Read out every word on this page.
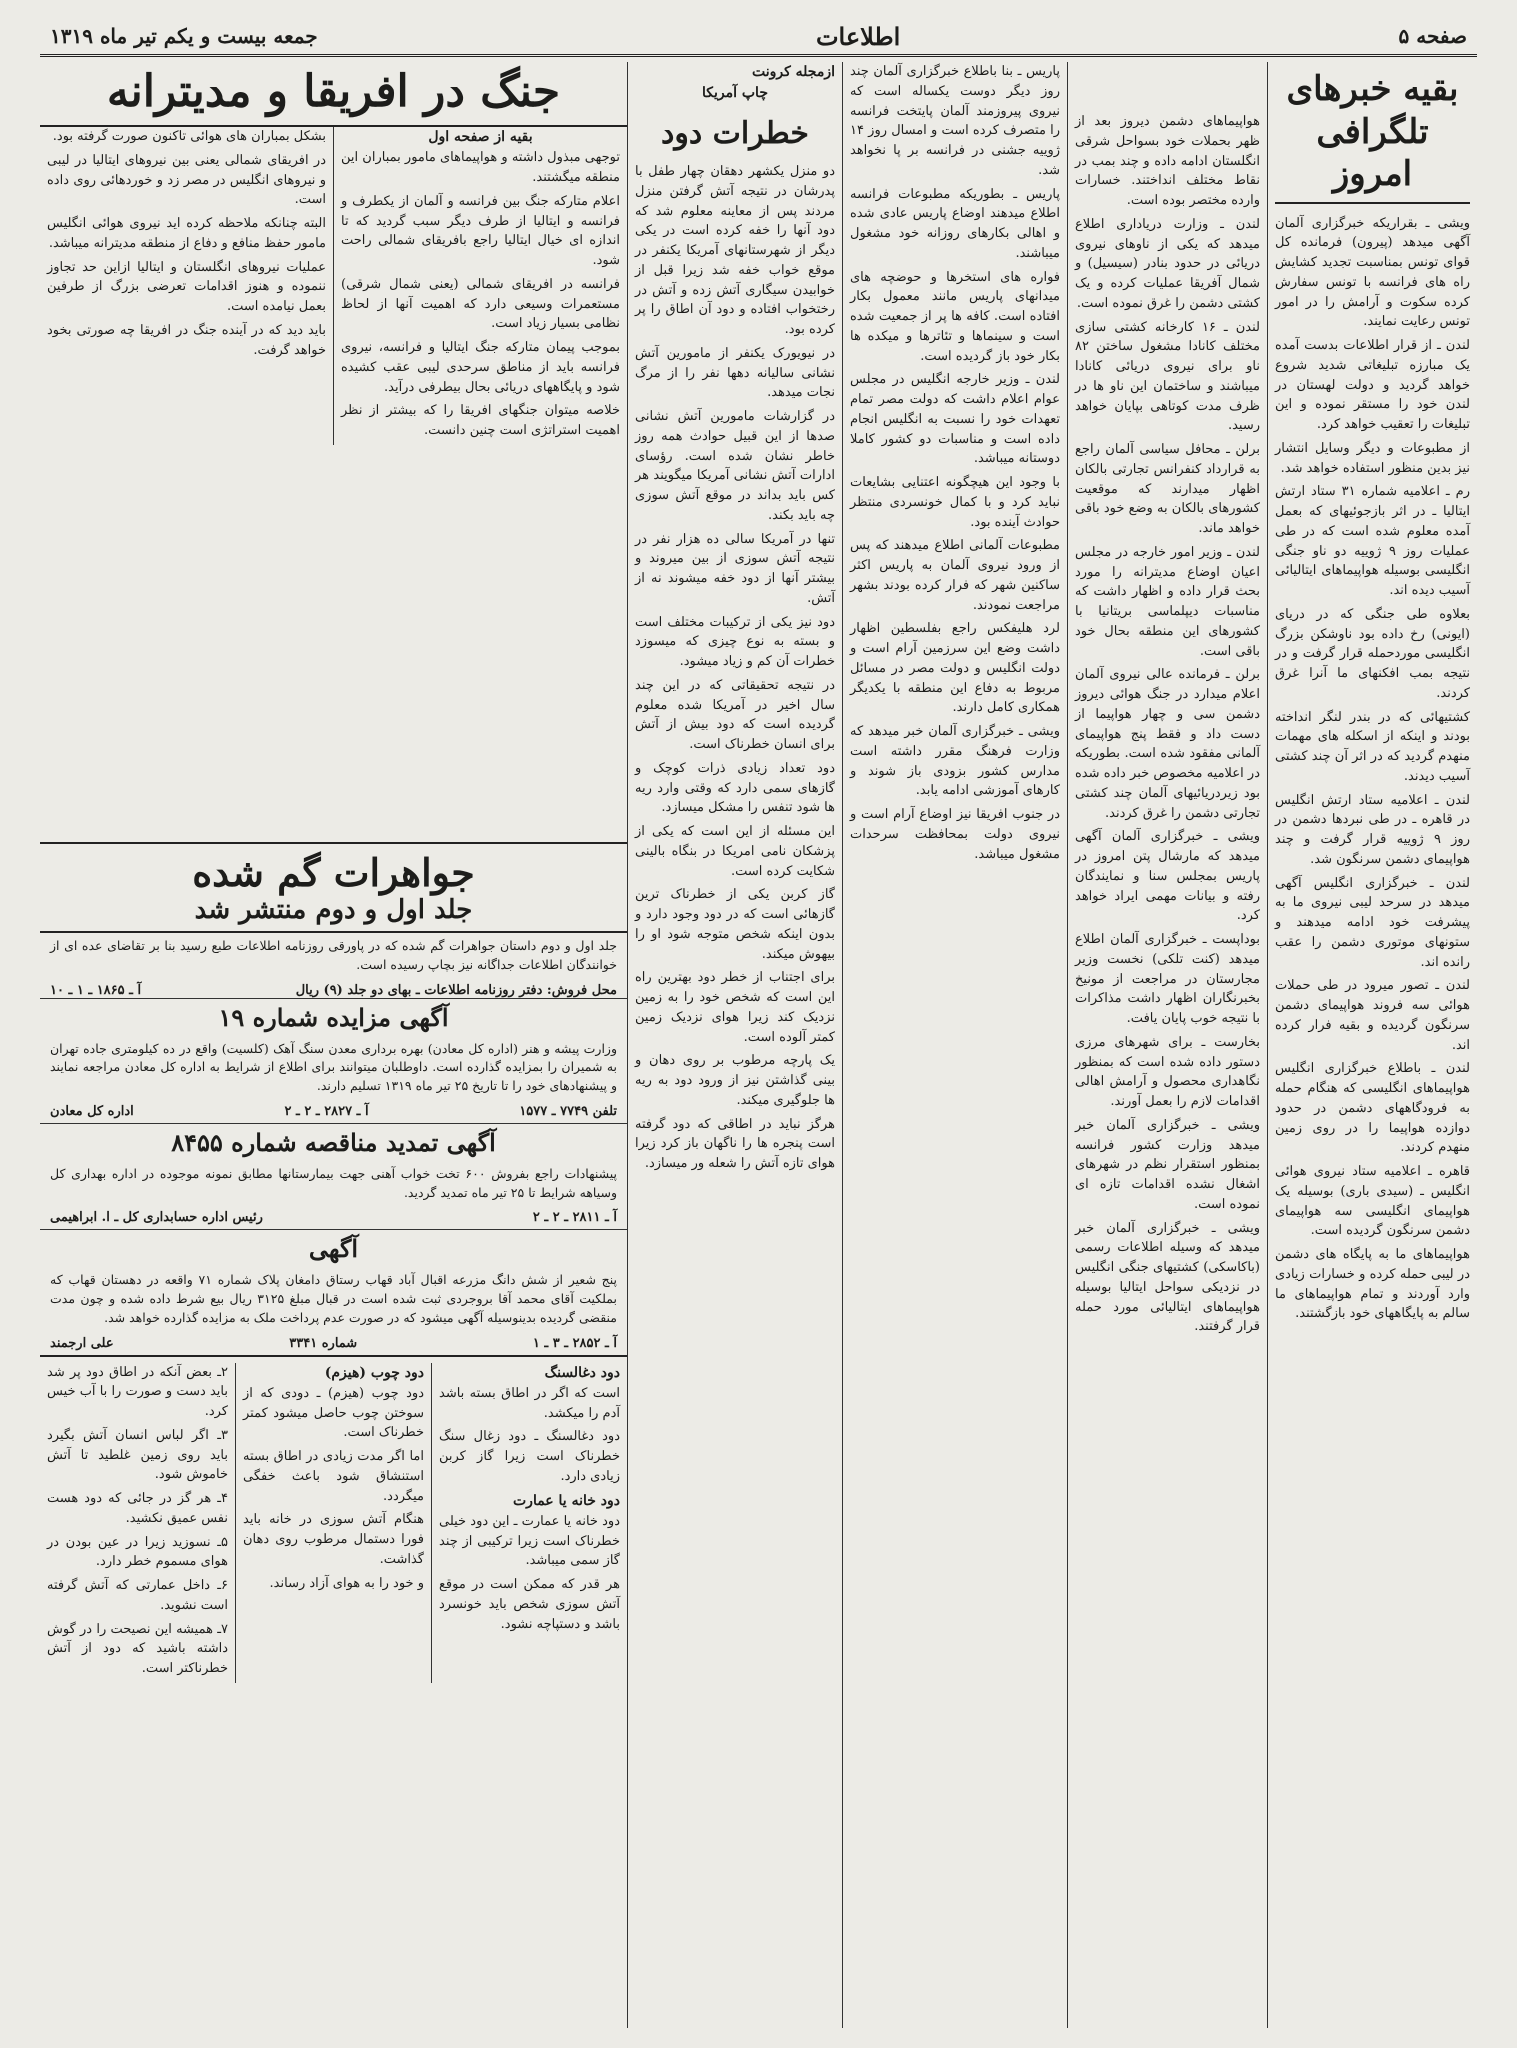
صفحه ۵
اطلاعات
جمعه بیست و یکم تیر ماه ۱۳۱۹
بقیه خبرهای تلگرافی امروز

ویشی ـ بقراریکه خبرگزاری آلمان آگهی میدهد (پیرون) فرمانده کل قوای تونس بمناسبت تجدید کشایش راه های فرانسه با تونس سفارش کرده سکوت و آرامش را در امور تونس رعایت نمایند.

لندن ـ از قرار اطلاعات بدست آمده یک مبارزه تبلیغاتی شدید شروع خواهد گردید و دولت لهستان در لندن خود را مستقر نموده و این تبلیغات را تعقیب خواهد کرد.

از مطبوعات و دیگر وسایل انتشار نیز بدین منظور استفاده خواهد شد.

رم ـ اعلامیه شماره ۳۱ ستاد ارتش ایتالیا ـ در اثر بازجوئیهای که بعمل آمده معلوم شده است که در طی عملیات روز ۹ ژوییه دو ناو جنگی انگلیسی بوسیله هواپیماهای ایتالیائی آسیب دیده اند.

بعلاوه طی جنگی که در دریای (ایونی) رخ داده بود ناوشکن بزرگ انگلیسی موردحمله قرار گرفت و در نتیجه بمب افکنهای ما آنرا غرق کردند.

کشتیهائی که در بندر لنگر انداخته بودند و اینکه از اسکله های مهمات منهدم گردید که در اثر آن چند کشتی آسیب دیدند.

لندن ـ اعلامیه ستاد ارتش انگلیس در قاهره ـ در طی نبردها دشمن در روز ۹ ژوییه قرار گرفت و چند هواپیمای دشمن سرنگون شد.

لندن ـ خبرگزاری انگلیس آگهی میدهد در سرحد لیبی نیروی ما به پیشرفت خود ادامه میدهند و ستونهای موتوری دشمن را عقب رانده اند.

لندن ـ تصور میرود در طی حملات هوائی سه فروند هواپیمای دشمن سرنگون گردیده و بقیه فرار کرده اند.

لندن ـ باطلاع خبرگزاری انگلیس هواپیماهای انگلیسی که هنگام حمله به فرودگاههای دشمن در حدود دوازده هواپیما را در روی زمین منهدم کردند.

قاهره ـ اعلامیه ستاد نیروی هوائی انگلیس ـ (سیدی باری) بوسیله یک هواپیمای انگلیسی سه هواپیمای دشمن سرنگون گردیده است.

هواپیماهای ما به پایگاه های دشمن در لیبی حمله کرده و خسارات زیادی وارد آوردند و تمام هواپیماهای ما سالم به پایگاههای خود بازگشتند.

هواپیماهای دشمن دیروز بعد از ظهر بحملات خود بسواحل شرقی انگلستان ادامه داده و چند بمب در نقاط مختلف انداختند. خسارات وارده مختصر بوده است.

لندن ـ وزارت دریاداری اطلاع میدهد که یکی از ناوهای نیروی دریائی در حدود بنادر (سیسیل) و شمال آفریقا عملیات کرده و یک کشتی دشمن را غرق نموده است.

لندن ـ ۱۶ کارخانه کشتی سازی مختلف کانادا مشغول ساختن ۸۲ ناو برای نیروی دریائی کانادا میباشند و ساختمان این ناو ها در ظرف مدت کوتاهی بپایان خواهد رسید.

برلن ـ محافل سیاسی آلمان راجع به قرارداد کنفرانس تجارتی بالکان اظهار میدارند که موقعیت کشورهای بالکان به وضع خود باقی خواهد ماند.

لندن ـ وزیر امور خارجه در مجلس اعیان اوضاع مدیترانه را مورد بحث قرار داده و اظهار داشت که مناسبات دیپلماسی بریتانیا با کشورهای این منطقه بحال خود باقی است.

برلن ـ فرمانده عالی نیروی آلمان اعلام میدارد در جنگ هوائی دیروز دشمن سی و چهار هواپیما از دست داد و فقط پنج هواپیمای آلمانی مفقود شده است. بطوریکه در اعلامیه مخصوص خبر داده شده بود زیردریائیهای آلمان چند کشتی تجارتی دشمن را غرق کردند.

ویشی ـ خبرگزاری آلمان آگهی میدهد که مارشال پتن امروز در پاریس بمجلس سنا و نمایندگان رفته و بیانات مهمی ایراد خواهد کرد.

بوداپست ـ خبرگزاری آلمان اطلاع میدهد (کنت تلکی) نخست وزیر مجارستان در مراجعت از مونیخ بخبرنگاران اظهار داشت مذاکرات با نتیجه خوب پایان یافت.

بخارست ـ برای شهرهای مرزی دستور داده شده است که بمنظور نگاهداری محصول و آرامش اهالی اقدامات لازم را بعمل آورند.

ویشی ـ خبرگزاری آلمان خبر میدهد وزارت کشور فرانسه بمنظور استقرار نظم در شهرهای اشغال نشده اقدامات تازه ای نموده است.

ویشی ـ خبرگزاری آلمان خبر میدهد که وسیله اطلاعات رسمی (باکاسکی) کشتیهای جنگی انگلیس در نزدیکی سواحل ایتالیا بوسیله هواپیماهای ایتالیائی مورد حمله قرار گرفتند.

پاریس ـ بنا باطلاع خبرگزاری آلمان چند روز دیگر دوست یکساله است که نیروی پیروزمند آلمان پایتخت فرانسه را متصرف کرده است و امسال روز ۱۴ ژوییه جشنی در فرانسه بر پا نخواهد شد.

پاریس ـ بطوریکه مطبوعات فرانسه اطلاع میدهند اوضاع پاریس عادی شده و اهالی بکارهای روزانه خود مشغول میباشند.

فواره های استخرها و حوضچه های میدانهای پاریس مانند معمول بکار افتاده است. کافه ها پر از جمعیت شده است و سینماها و تئاترها و میکده ها بکار خود باز گردیده است.

لندن ـ وزیر خارجه انگلیس در مجلس عوام اعلام داشت که دولت مصر تمام تعهدات خود را نسبت به انگلیس انجام داده است و مناسبات دو کشور کاملا دوستانه میباشد.

با وجود این هیچگونه اعتنایی بشایعات نباید کرد و با کمال خونسردی منتظر حوادث آینده بود.

مطبوعات آلمانی اطلاع میدهند که پس از ورود نیروی آلمان به پاریس اکثر ساکنین شهر که فرار کرده بودند بشهر مراجعت نمودند.

لرد هلیفکس راجع بفلسطین اظهار داشت وضع این سرزمین آرام است و دولت انگلیس و دولت مصر در مسائل مربوط به دفاع این منطقه با یکدیگر همکاری کامل دارند.

ویشی ـ خبرگزاری آلمان خبر میدهد که وزارت فرهنگ مقرر داشته است مدارس کشور بزودی باز شوند و کارهای آموزشی ادامه یابد.

در جنوب افریقا نیز اوضاع آرام است و نیروی دولت بمحافظت سرحدات مشغول میباشد.

ازمجله کرونت
چاپ آمریکا
خطرات دود

دو منزل یکشهر دهقان چهار طفل با پدرشان در نتیجه آتش گرفتن منزل مردند پس از معاینه معلوم شد که دود آنها را خفه کرده است در یکی دیگر از شهرستانهای آمریکا یکنفر در موقع خواب خفه شد زیرا قبل از خوابیدن سیگاری آتش زده و آتش در رختخواب افتاده و دود آن اطاق را پر کرده بود.

در نیویورک یکنفر از مامورین آتش نشانی سالیانه دهها نفر را از مرگ نجات میدهد.

در گزارشات مامورین آتش نشانی صدها از این قبیل حوادث همه روز خاطر نشان شده است. رؤسای ادارات آتش نشانی آمریکا میگویند هر کس باید بداند در موقع آتش سوزی چه باید بکند.

تنها در آمریکا سالی ده هزار نفر در نتیجه آتش سوزی از بین میروند و بیشتر آنها از دود خفه میشوند نه از آتش.

دود نیز یکی از ترکیبات مختلف است و بسته به نوع چیزی که میسوزد خطرات آن کم و زیاد میشود.

در نتیجه تحقیقاتی که در این چند سال اخیر در آمریکا شده معلوم گردیده است که دود بیش از آتش برای انسان خطرناک است.

دود تعداد زیادی ذرات کوچک و گازهای سمی دارد که وقتی وارد ریه ها شود تنفس را مشکل میسازد.

این مسئله از این است که یکی از پزشکان نامی امریکا در بنگاه بالینی شکایت کرده است.

گاز کربن یکی از خطرناک ترین گازهائی است که در دود وجود دارد و بدون اینکه شخص متوجه شود او را بیهوش میکند.

برای اجتناب از خطر دود بهترین راه این است که شخص خود را به زمین نزدیک کند زیرا هوای نزدیک زمین کمتر آلوده است.

یک پارچه مرطوب بر روی دهان و بینی گذاشتن نیز از ورود دود به ریه ها جلوگیری میکند.

هرگز نباید در اطاقی که دود گرفته است پنجره ها را ناگهان باز کرد زیرا هوای تازه آتش را شعله ور میسازد.

جنگ در افریقا و مدیترانه
بقیه از صفحه اول

توجهی مبذول داشته و هواپیماهای مامور بمباران این منطقه میگشتند.

اعلام متارکه جنگ بین فرانسه و آلمان از یکطرف و فرانسه و ایتالیا از طرف دیگر سبب گردید که تا اندازه ای خیال ایتالیا راجع بافریقای شمالی راحت شود.

فرانسه در افریقای شمالی (یعنی شمال شرقی) مستعمرات وسیعی دارد که اهمیت آنها از لحاظ نظامی بسیار زیاد است.

بموجب پیمان متارکه جنگ ایتالیا و فرانسه، نیروی فرانسه باید از مناطق سرحدی لیبی عقب کشیده شود و پایگاههای دریائی بحال بیطرفی درآید.

خلاصه میتوان جنگهای افریقا را که بیشتر از نظر اهمیت استراتژی است چنین دانست.

بشکل بمباران های هوائی تاکنون صورت گرفته بود.

در افریقای شمالی یعنی بین نیروهای ایتالیا در لیبی و نیروهای انگلیس در مصر زد و خوردهائی روی داده است.

البته چنانکه ملاحظه کرده اید نیروی هوائی انگلیس مامور حفظ منافع و دفاع از منطقه مدیترانه میباشد.

عملیات نیروهای انگلستان و ایتالیا ازاین حد تجاوز ننموده و هنوز اقدامات تعرضی بزرگ از طرفین بعمل نیامده است.

باید دید که در آینده جنگ در افریقا چه صورتی بخود خواهد گرفت.

جواهرات گم شده
جلد اول و دوم منتشر شد
جلد اول و دوم داستان جواهرات گم شده که در پاورقی روزنامه اطلاعات طبع رسید بنا بر تقاضای عده ای از خوانندگان اطلاعات جداگانه نیز بچاپ رسیده است.
محل فروش: دفتر روزنامه اطلاعات ـ بهای دو جلد (۹) ریال
آ ـ ۱۸۶۵ ـ ۱ ـ ۱۰
آگهی مزایده شماره ۱۹
وزارت پیشه و هنر (اداره کل معادن) بهره برداری معدن سنگ آهک (کلسیت) واقع در ده کیلومتری جاده تهران به شمیران را بمزایده گذارده است. داوطلبان میتوانند برای اطلاع از شرایط به اداره کل معادن مراجعه نمایند و پیشنهادهای خود را تا تاریخ ۲۵ تیر ماه ۱۳۱۹ تسلیم دارند.
تلفن ۷۷۴۹ ـ ۱۵۷۷
آ ـ ۲۸۲۷ ـ ۲ ـ ۲
اداره کل معادن
آگهی تمدید مناقصه شماره ۸۴۵۵
پیشنهادات راجع بفروش ۶۰۰ تخت خواب آهنی جهت بیمارستانها مطابق نمونه موجوده در اداره بهداری کل وسیاهه شرایط تا ۲۵ تیر ماه تمدید گردید.
آ ـ ۲۸۱۱ ـ ۲ ـ ۲
رئیس اداره حسابداری کل ـ ا. ابراهیمی
آگهی
پنج شعیر از شش دانگ مزرعه اقبال آباد قهاب رستاق دامغان پلاک شماره ۷۱ واقعه در دهستان قهاب که بملکیت آقای محمد آقا بروجردی ثبت شده است در قبال مبلغ ۳۱۲۵ ریال بیع شرط داده شده و چون مدت منقضی گردیده بدینوسیله آگهی میشود که در صورت عدم پرداخت ملک به مزایده گذارده خواهد شد.
آ ـ ۲۸۵۲ ـ ۳ ـ ۱
شماره ۳۳۴۱
علی ارجمند
دود دغالسنگ

است که اگر در اطاق بسته باشد آدم را میکشد.

دود دغالسنگ ـ دود زغال سنگ خطرناک است زیرا گاز کربن زیادی دارد.

دود خانه یا عمارت

دود خانه یا عمارت ـ این دود خیلی خطرناک است زیرا ترکیبی از چند گاز سمی میباشد.

هر قدر که ممکن است در موقع آتش سوزی شخص باید خونسرد باشد و دستپاچه نشود.

دود چوب (هیزم)

دود چوب (هیزم) ـ دودی که از سوختن چوب حاصل میشود کمتر خطرناک است.

اما اگر مدت زیادی در اطاق بسته استنشاق شود باعث خفگی میگردد.

هنگام آتش سوزی در خانه باید فورا دستمال مرطوب روی دهان گذاشت.

و خود را به هوای آزاد رساند.

۲ـ بعض آنکه در اطاق دود پر شد باید دست و صورت را با آب خیس کرد.

۳ـ اگر لباس انسان آتش بگیرد باید روی زمین غلطید تا آتش خاموش شود.

۴ـ هر گز در جائی که دود هست نفس عمیق نکشید.

۵ـ نسوزید زیرا در عین بودن در هوای مسموم خطر دارد.

۶ـ داخل عمارتی که آتش گرفته است نشوید.

۷ـ همیشه این نصیحت را در گوش داشته باشید که دود از آتش خطرناکتر است.
